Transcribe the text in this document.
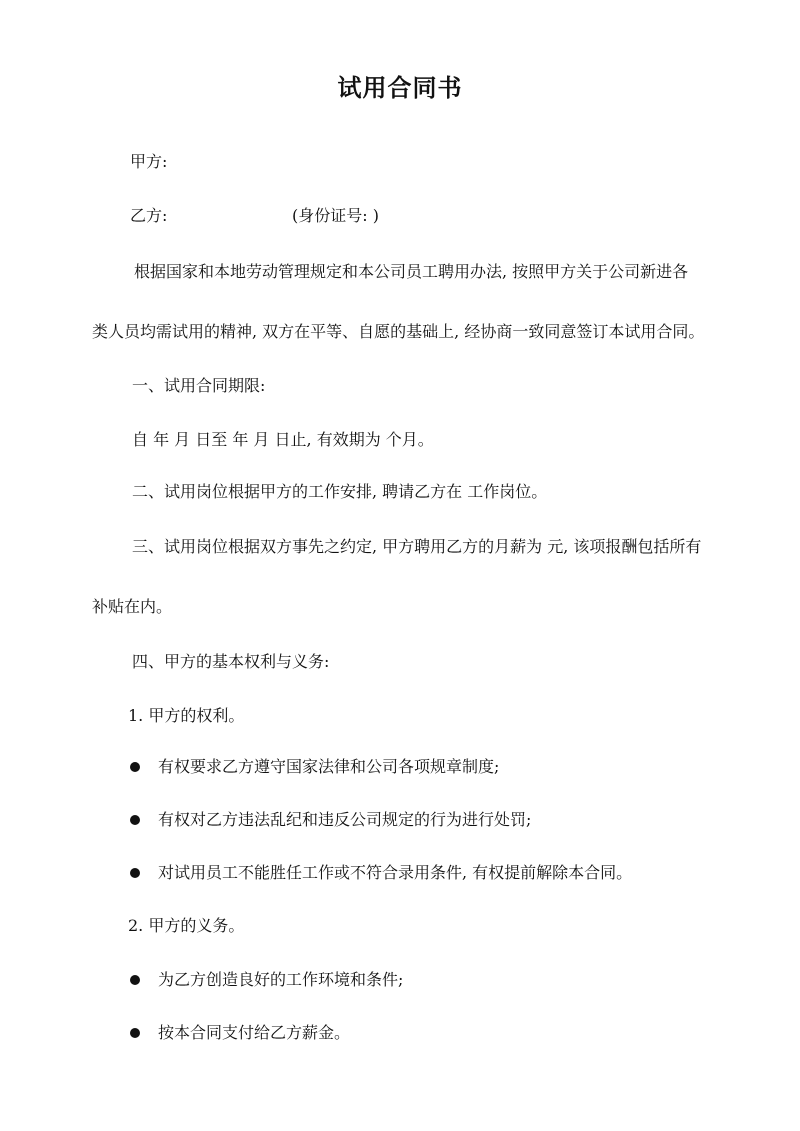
试用合同书
甲方:
乙方:	(身份证号: )
根据国家和本地劳动管理规定和本公司员工聘用办法, 按照甲方关于公司新进各
类人员均需试用的精神, 双方在平等、自愿的基础上, 经协商一致同意签订本试用合同。
一、试用合同期限:
自 年 月 日至 年 月 日止, 有效期为 个月。
二、试用岗位根据甲方的工作安排, 聘请乙方在 工作岗位。
三、试用岗位根据双方事先之约定, 甲方聘用乙方的月薪为 元, 该项报酬包括所有
补贴在内。
四、甲方的基本权利与义务:
1. 甲方的权利。
有权要求乙方遵守国家法律和公司各项规章制度;
有权对乙方违法乱纪和违反公司规定的行为进行处罚;
对试用员工不能胜任工作或不符合录用条件, 有权提前解除本合同。
2. 甲方的义务。
为乙方创造良好的工作环境和条件;
按本合同支付给乙方薪金。
